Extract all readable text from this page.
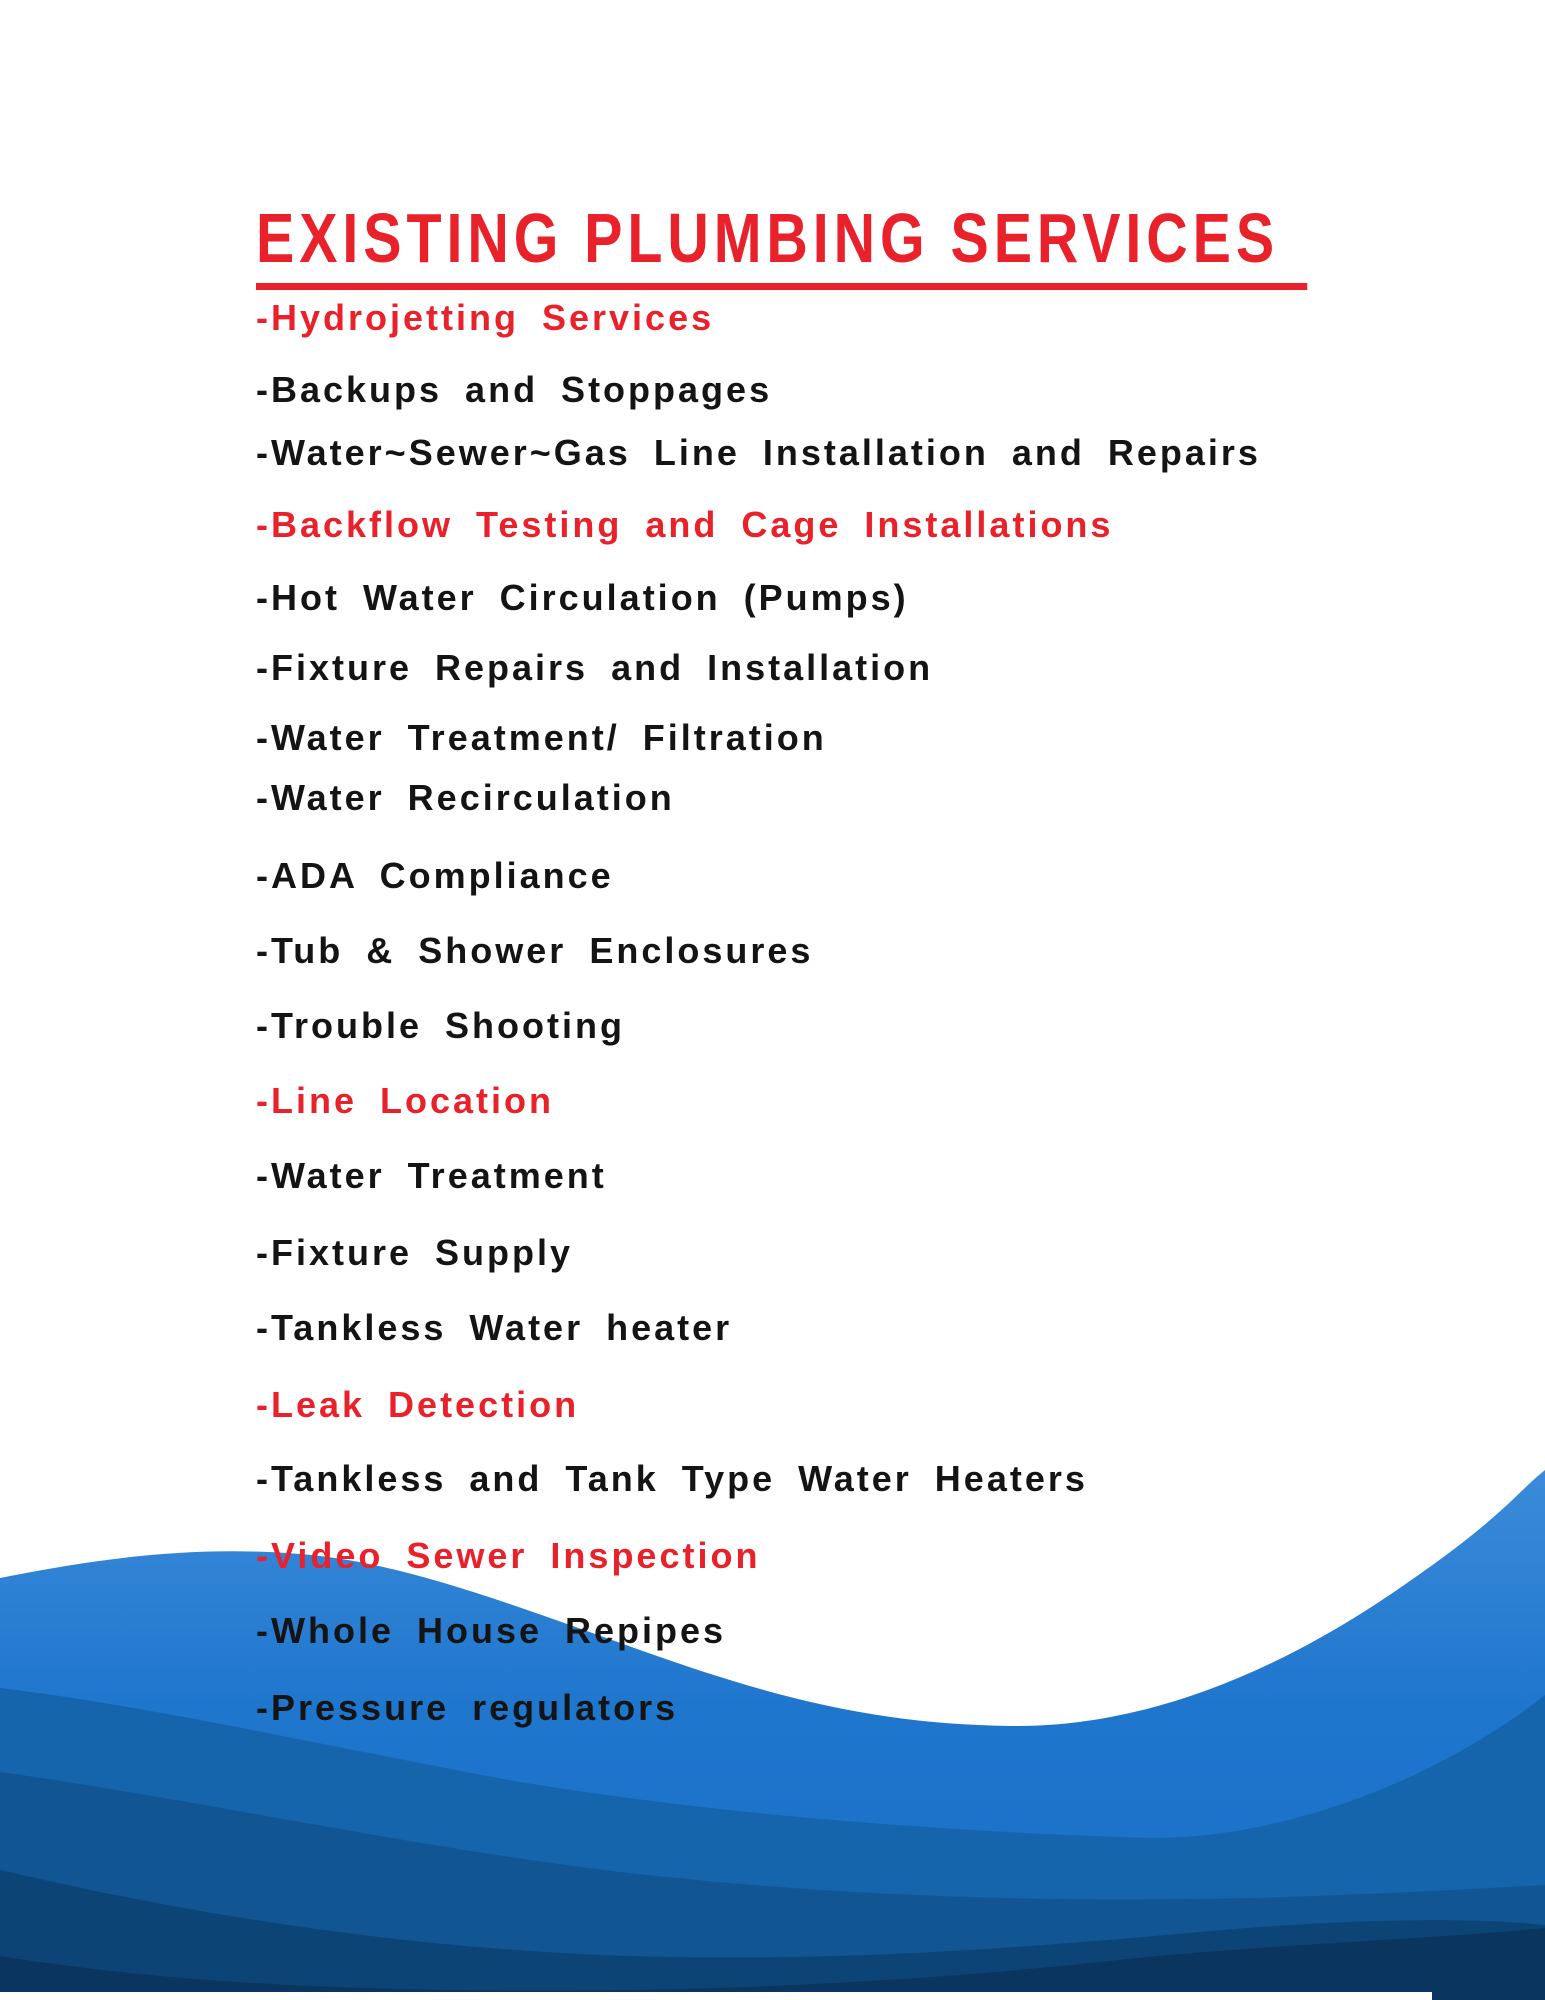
EXISTING PLUMBING SERVICES
-Hydrojetting Services
-Backups and Stoppages
-Water~Sewer~Gas Line Installation and Repairs
-Backflow Testing and Cage Installations
-Hot Water Circulation (Pumps)
-Fixture Repairs and Installation
-Water Treatment/ Filtration
-Water Recirculation
-ADA Compliance
-Tub & Shower Enclosures
-Trouble Shooting
-Line Location
-Water Treatment
-Fixture Supply
-Tankless Water heater
-Leak Detection
-Tankless and Tank Type Water Heaters
-Video Sewer Inspection
-Whole House Repipes
-Pressure regulators
